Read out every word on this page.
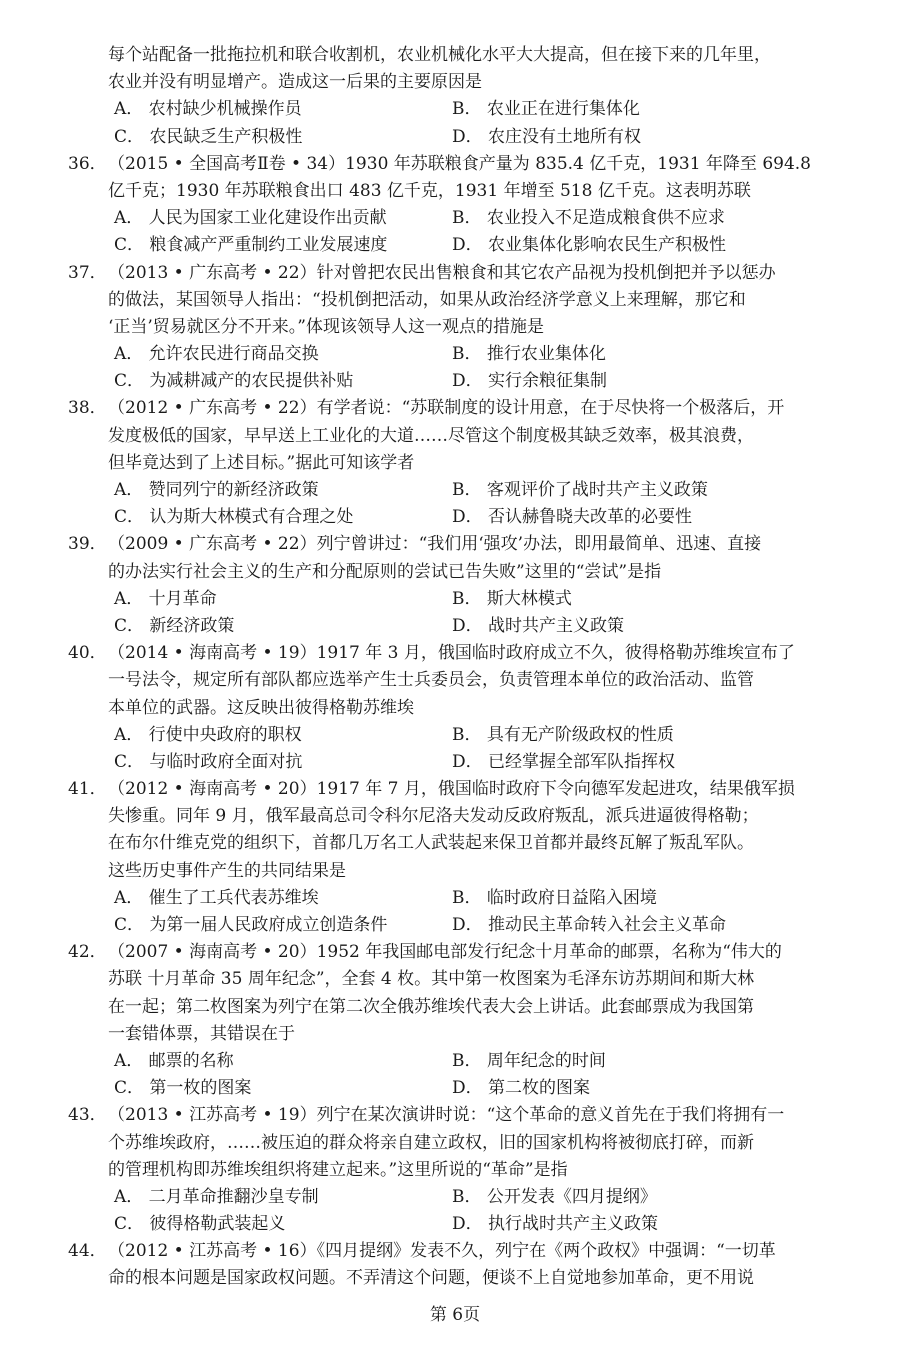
每个站配备一批拖拉机和联合收割机，农业机械化水平大大提高，但在接下来的几年里，
农业并没有明显增产。造成这一后果的主要原因是
A． 农村缺少机械操作员	B． 农业正在进行集体化
C． 农民缺乏生产积极性	D． 农庄没有土地所有权
36． （2015 • 全国高考Ⅱ卷 • 34）1930 年苏联粮食产量为 835.4 亿千克，1931 年降至 694.8
亿千克；1930 年苏联粮食出口 483 亿千克，1931 年增至 518 亿千克。这表明苏联
A． 人民为国家工业化建设作出贡献	B． 农业投入不足造成粮食供不应求
C． 粮食减产严重制约工业发展速度	D． 农业集体化影响农民生产积极性
37． （2013 • 广东高考 • 22）针对曾把农民出售粮食和其它农产品视为投机倒把并予以惩办
的做法，某国领导人指出：“投机倒把活动，如果从政治经济学意义上来理解，那它和
‘正当’贸易就区分不开来。”体现该领导人这一观点的措施是
A． 允许农民进行商品交换	B． 推行农业集体化
C． 为减耕减产的农民提供补贴	D． 实行余粮征集制
38． （2012 • 广东高考 • 22）有学者说：“苏联制度的设计用意，在于尽快将一个极落后，开
发度极低的国家，早早送上工业化的大道……尽管这个制度极其缺乏效率，极其浪费，
但毕竟达到了上述目标。”据此可知该学者
A． 赞同列宁的新经济政策	B． 客观评价了战时共产主义政策
C． 认为斯大林模式有合理之处	D． 否认赫鲁晓夫改革的必要性
39． （2009 • 广东高考 • 22）列宁曾讲过：“我们用‘强攻’办法，即用最简单、迅速、直接
的办法实行社会主义的生产和分配原则的尝试已告失败”这里的“尝试”是指
A． 十月革命	B． 斯大林模式
C． 新经济政策	D． 战时共产主义政策
40． （2014 • 海南高考 • 19）1917 年 3 月，俄国临时政府成立不久，彼得格勒苏维埃宣布了
一号法令，规定所有部队都应选举产生士兵委员会，负责管理本单位的政治活动、监管
本单位的武器。这反映出彼得格勒苏维埃
A． 行使中央政府的职权	B． 具有无产阶级政权的性质
C． 与临时政府全面对抗	D． 已经掌握全部军队指挥权
41． （2012 • 海南高考 • 20）1917 年 7 月，俄国临时政府下令向德军发起进攻，结果俄军损
失惨重。同年 9 月，俄军最高总司令科尔尼洛夫发动反政府叛乱，派兵进逼彼得格勒；
在布尔什维克党的组织下，首都几万名工人武装起来保卫首都并最终瓦解了叛乱军队。
这些历史事件产生的共同结果是
A． 催生了工兵代表苏维埃	B． 临时政府日益陷入困境
C． 为第一届人民政府成立创造条件	D． 推动民主革命转入社会主义革命
42． （2007 • 海南高考 • 20）1952 年我国邮电部发行纪念十月革命的邮票，名称为“伟大的
苏联 十月革命 35 周年纪念”，全套 4 枚。其中第一枚图案为毛泽东访苏期间和斯大林
在一起；第二枚图案为列宁在第二次全俄苏维埃代表大会上讲话。此套邮票成为我国第
一套错体票，其错误在于
A． 邮票的名称	B． 周年纪念的时间
C． 第一枚的图案	D． 第二枚的图案
43． （2013 • 江苏高考 • 19）列宁在某次演讲时说：“这个革命的意义首先在于我们将拥有一
个苏维埃政府，……被压迫的群众将亲自建立政权，旧的国家机构将被彻底打碎，而新
的管理机构即苏维埃组织将建立起来。”这里所说的“革命”是指
A． 二月革命推翻沙皇专制	B． 公开发表《四月提纲》
C． 彼得格勒武装起义	D． 执行战时共产主义政策
44． （2012 • 江苏高考 • 16）《四月提纲》发表不久，列宁在《两个政权》中强调：“一切革
命的根本问题是国家政权问题。不弄清这个问题，便谈不上自觉地参加革命，更不用说
第 6页
